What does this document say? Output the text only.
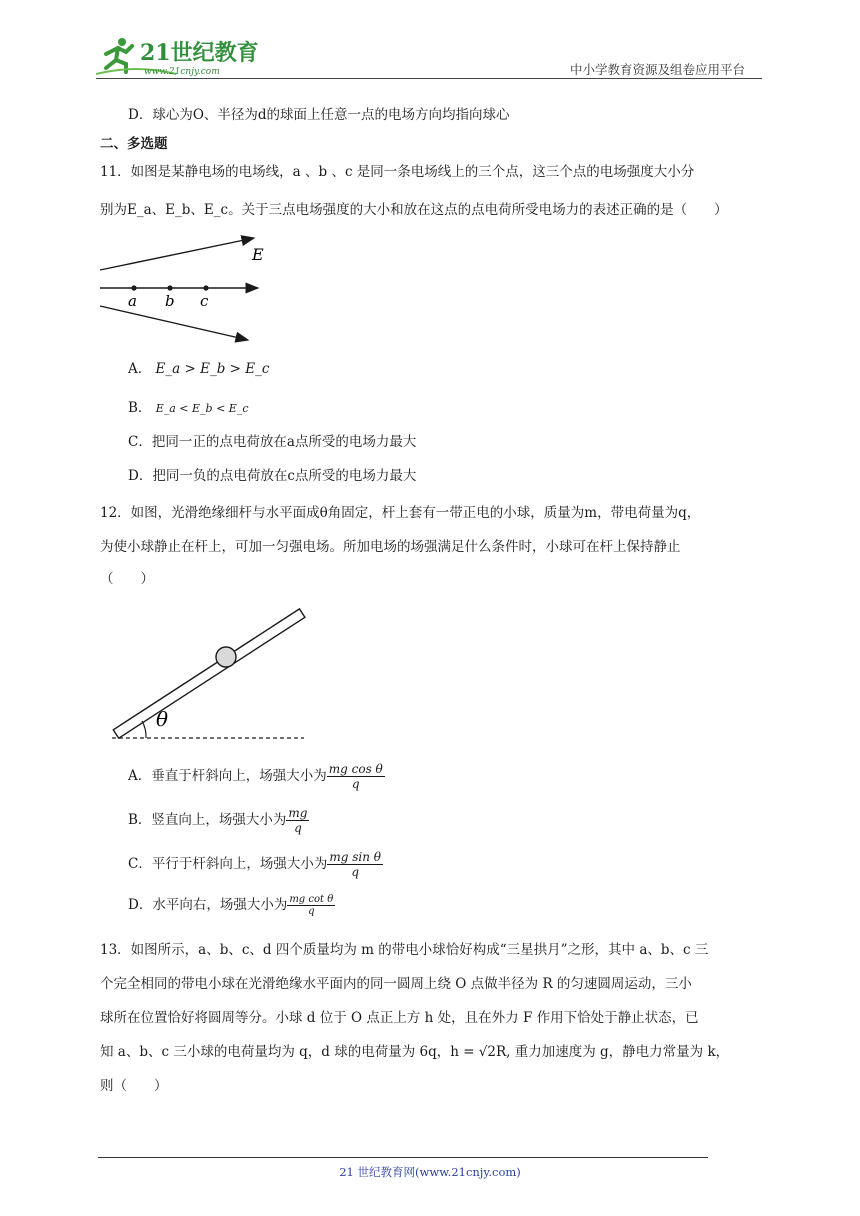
21世纪教育
www.21cnjy.com	中小学教育资源及组卷应用平台
D．球心为O、半径为d的球面上任意一点的电场方向均指向球心
二、多选题
11．如图是某静电场的电场线，a 、b 、c 是同一条电场线上的三个点，这三个点的电场强度大小分
别为E_a、E_b、E_c。关于三点电场强度的大小和放在这点的点电荷所受电场力的表述正确的是（　　）
E
a b c
A． E_a > E_b > E_c
B． E_a < E_b < E_c
C．把同一正的点电荷放在a点所受的电场力最大
D．把同一负的点电荷放在c点所受的电场力最大
12．如图，光滑绝缘细杆与水平面成θ角固定，杆上套有一带正电的小球，质量为m，带电荷量为q，
为使小球静止在杆上，可加一匀强电场。所加电场的场强满足什么条件时，小球可在杆上保持静止
（　　）
θ
A．垂直于杆斜向上，场强大小为 $\frac{\text{mg cos θ}}{q}$
B．竖直向上，场强大小为 $\frac{mg}{q}$
C．平行于杆斜向上，场强大小为 $\frac{\text{mg sin θ}}{q}$
D．水平向右，场强大小为 $\frac{\text{mg cot θ}}{q}$
13．如图所示，a、b、c、d 四个质量均为 m 的带电小球恰好构成“三星拱月”之形，其中 a、b、c 三
个完全相同的带电小球在光滑绝缘水平面内的同一圆周上绕 O 点做半径为 R 的匀速圆周运动，三小
球所在位置恰好将圆周等分。小球 d 位于 O 点正上方 h 处，且在外力 F 作用下恰处于静止状态，已
知 a、b、c 三小球的电荷量均为 q，d 球的电荷量为 6q，h = √2R, 重力加速度为 g，静电力常量为 k，
则（　　）
21 世纪教育网(www.21cnjy.com)
